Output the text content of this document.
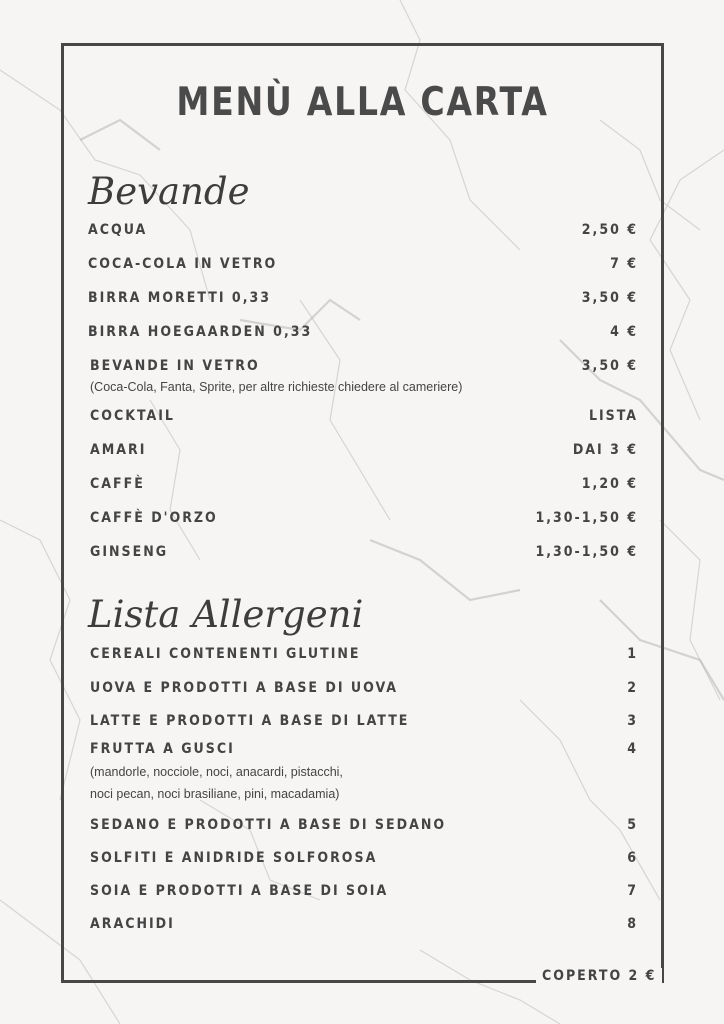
MENÙ ALLA CARTA
Bevande
ACQUA	2,50 €
COCA-COLA IN VETRO	7 €
BIRRA MORETTI 0,33	3,50 €
BIRRA HOEGAARDEN 0,33	4 €
BEVANDE IN VETRO	3,50 €
(Coca-Cola, Fanta, Sprite, per altre richieste chiedere al cameriere)
COCKTAIL	LISTA
AMARI	DAI 3 €
CAFFÈ	1,20 €
CAFFÈ D'ORZO	1,30-1,50 €
GINSENG	1,30-1,50 €
Lista Allergeni
CEREALI CONTENENTI GLUTINE	1
UOVA E PRODOTTI A BASE DI UOVA	2
LATTE E PRODOTTI A BASE DI LATTE	3
FRUTTA A GUSCI	4
(mandorle, nocciole, noci, anacardi, pistacchi,
noci pecan, noci brasiliane, pini, macadamia)
SEDANO E PRODOTTI A BASE DI SEDANO	5
SOLFITI E ANIDRIDE SOLFOROSA	6
SOIA E PRODOTTI A BASE DI SOIA	7
ARACHIDI	8
COPERTO 2 €
